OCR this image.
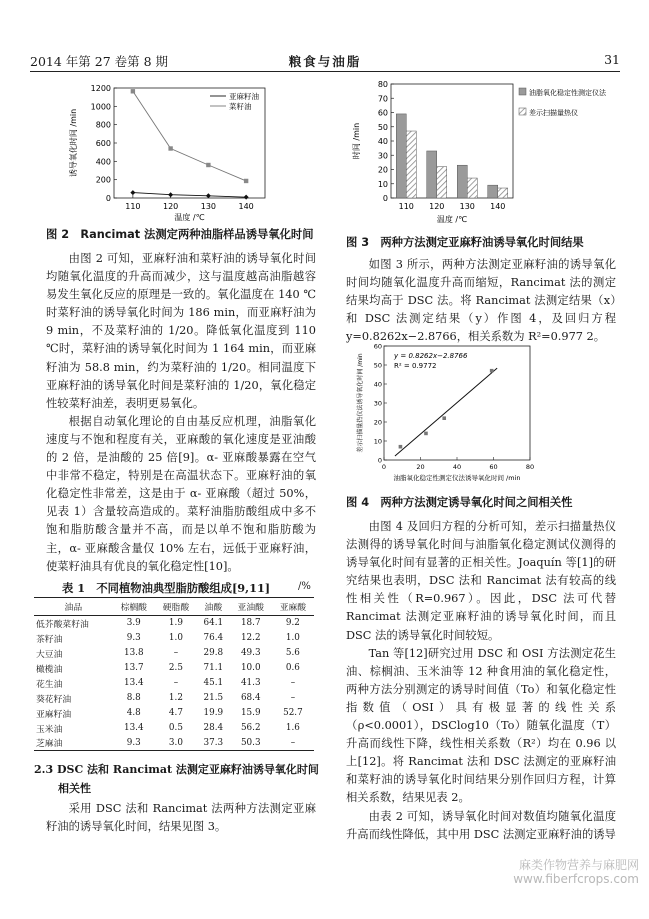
2014 年第 27 卷第 8 期	粮食与油脂	31
0
200
400
600
800
1000
1200
110	120	130	140
温度 /℃
诱导氧化时间 /min
亚麻籽油
菜籽油
图 2　Rancimat 法测定两种油脂样品诱导氧化时间

由图 2 可知，亚麻籽油和菜籽油的诱导氧化时间均随氧化温度的升高而减少，这与温度越高油脂越容易发生氧化反应的原理是一致的。氧化温度在 140 ℃时菜籽油的诱导氧化时间为 186 min，而亚麻籽油为 9 min，不及菜籽油的 1/20。降低氧化温度到 110 ℃时，菜籽油的诱导氧化时间为 1 164 min，而亚麻籽油为 58.8 min，约为菜籽油的 1/20。相同温度下亚麻籽油的诱导氧化时间是菜籽油的 1/20，氧化稳定性较菜籽油差，表明更易氧化。

根据自动氧化理论的自由基反应机理，油脂氧化速度与不饱和程度有关，亚麻酸的氧化速度是亚油酸的 2 倍，是油酸的 25 倍[9]。α- 亚麻酸暴露在空气中非常不稳定，特别是在高温状态下。亚麻籽油的氧化稳定性非常差，这是由于 α- 亚麻酸（超过 50%，见表 1）含量较高造成的。菜籽油脂肪酸组成中多不饱和脂肪酸含量并不高，而是以单不饱和脂肪酸为主，α- 亚麻酸含量仅 10% 左右，远低于亚麻籽油，使菜籽油具有优良的氧化稳定性[10]。

表 1　不同植物油典型脂肪酸组成[9,11]	/%
油品	棕榈酸	硬脂酸	油酸	亚油酸	亚麻酸
低芥酸菜籽油	3.9	1.9	64.1	18.7	9.2
茶籽油	9.3	1.0	76.4	12.2	1.0
大豆油	13.8	–	29.8	49.3	5.6
橄榄油	13.7	2.5	71.1	10.0	0.6
花生油	13.4	–	45.1	41.3	–
葵花籽油	8.8	1.2	21.5	68.4	–
亚麻籽油	4.8	4.7	19.9	15.9	52.7
玉米油	13.4	0.5	28.4	56.2	1.6
芝麻油	9.3	3.0	37.3	50.3	–
2.3 DSC 法和 Rancimat 法测定亚麻籽油诱导氧化时间
相关性

采用 DSC 法和 Rancimat 法两种方法测定亚麻籽油的诱导氧化时间，结果见图 3。

0
10
20
30
40
50
60
70
80
110 120 130 140
温度 /℃
时间 /min
油脂氧化稳定性测定仪法
差示扫描量热仪
图 3　两种方法测定亚麻籽油诱导氧化时间结果

如图 3 所示，两种方法测定亚麻籽油的诱导氧化时间均随氧化温度升高而缩短，Rancimat 法的测定结果均高于 DSC 法。将 Rancimat 法测定结果（x）和 DSC 法测定结果（y）作图 4，及回归方程 y=0.8262x−2.8766，相关系数为 R²=0.977 2。

0
10
20
30
40
50
60
0	20	40	60	80
y = 0.8262x−2.8766
R² = 0.9772
油脂氧化稳定性测定仪法诱导氧化时间 /min
差示扫描量热仪法诱导氧化时间 /min
图 4　两种方法测定诱导氧化时间之间相关性

由图 4 及回归方程的分析可知，差示扫描量热仪法测得的诱导氧化时间与油脂氧化稳定测试仪测得的诱导氧化时间有显著的正相关性。Joaquín 等[1]的研究结果也表明，DSC 法和 Rancimat 法有较高的线性相关性（R=0.967）。因此，DSC 法可代替 Rancimat 法测定亚麻籽油的诱导氧化时间，而且 DSC 法的诱导氧化时间较短。

Tan 等[12]研究过用 DSC 和 OSI 方法测定花生油、棕榈油、玉米油等 12 种食用油的氧化稳定性，两种方法分别测定的诱导时间值（To）和氧化稳定性指数值（OSI）具有极显著的线性关系（ρ<0.0001），DSClog10（To）随氧化温度（T）升高而线性下降，线性相关系数（R²）均在 0.96 以上[12]。将 Rancimat 法和 DSC 法测定的亚麻籽油和菜籽油的诱导氧化时间结果分别作回归方程，计算相关系数，结果见表 2。

由表 2 可知，诱导氧化时间对数值均随氧化温度升高而线性降低，其中用 DSC 法测定亚麻籽油的诱导

麻类作物营养与麻肥网
www.fiberfcrops.com
